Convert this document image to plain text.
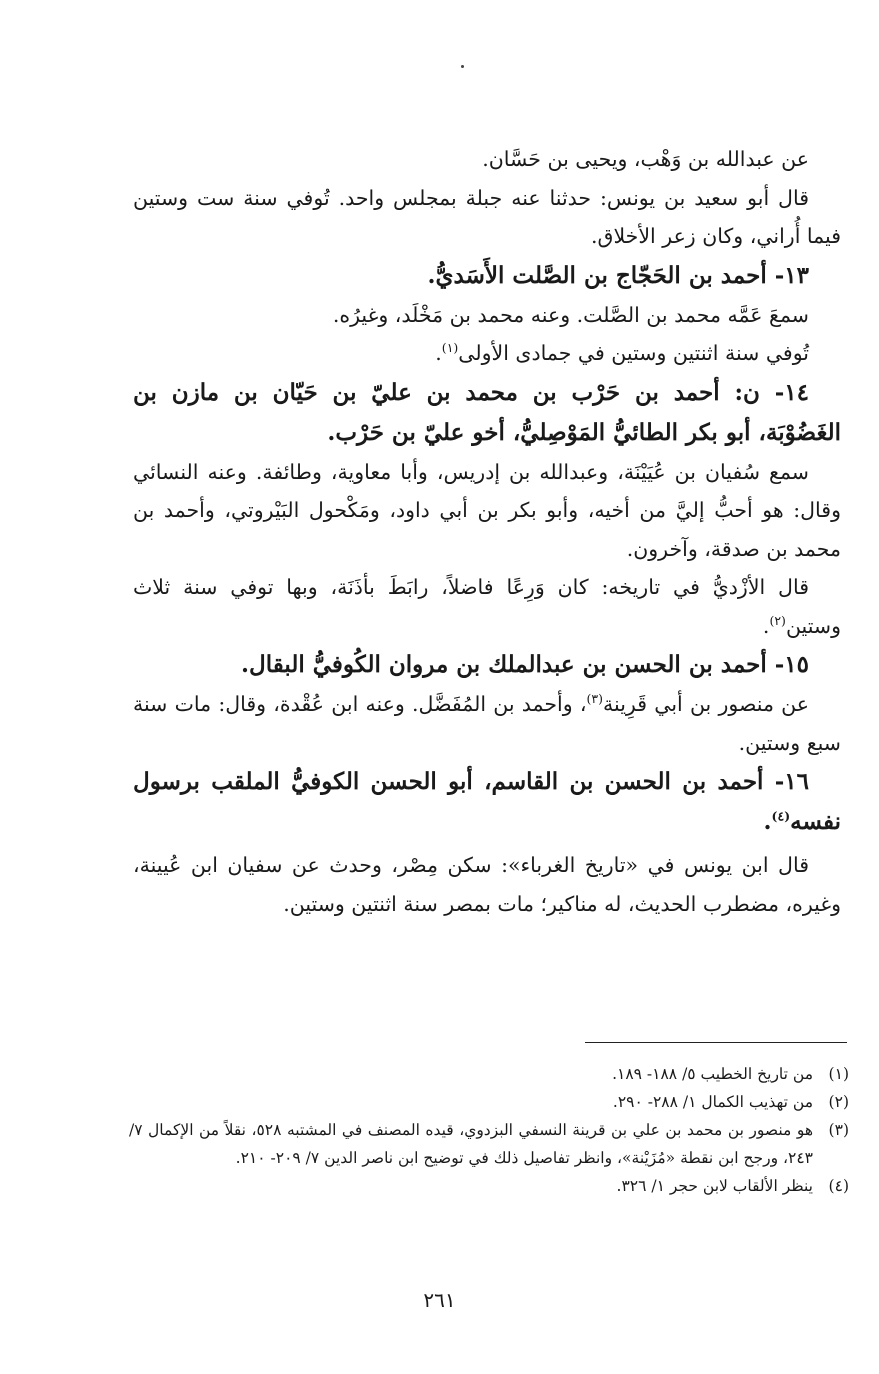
عن عبدالله بن وَهْب، ويحيى بن حَسَّان.

قال أبو سعيد بن يونس: حدثنا عنه جبلة بمجلس واحد. تُوفي سنة ست وستين فيما أُراني، وكان زعر الأخلاق.

١٣- أحمد بن الحَجّاج بن الصَّلت الأَسَديُّ.

سمعَ عَمَّه محمد بن الصَّلت. وعنه محمد بن مَخْلَد، وغيرُه.

تُوفي سنة اثنتين وستين في جمادى الأولى$^{(١)}$.

١٤- ن: أحمد بن حَرْب بن محمد بن عليّ بن حَيّان بن مازن بن الغَضُوْبَة، أبو بكر الطائيُّ المَوْصِليُّ، أخو عليّ بن حَرْب.

سمع سُفيان بن عُيَيْنَة، وعبدالله بن إدريس، وأبا معاوية، وطائفة. وعنه النسائي وقال: هو أحبُّ إليَّ من أخيه، وأبو بكر بن أبي داود، ومَكْحول البَيْروتي، وأحمد بن محمد بن صدقة، وآخرون.

قال الأزْديُّ في تاريخه: كان وَرِعًا فاضلاً، رابَطَ بأذَنَة، وبها توفي سنة ثلاث وستين$^{(٢)}$.

١٥- أحمد بن الحسن بن عبدالملك بن مروان الكُوفيُّ البقال.

عن منصور بن أبي قَرِينة$^{(٣)}$، وأحمد بن المُفَضَّل. وعنه ابن عُقْدة، وقال: مات سنة سبع وستين.

١٦- أحمد بن الحسن بن القاسم، أبو الحسن الكوفيُّ الملقب برسول نفسه$^{(٤)}$.

قال ابن يونس في «تاريخ الغرباء»: سكن مِصْر، وحدث عن سفيان ابن عُيينة، وغيره، مضطرب الحديث، له مناكير؛ مات بمصر سنة اثنتين وستين.

(١)
من تاريخ الخطيب ٥/ ١٨٨- ١٨٩.
(٢)
من تهذيب الكمال ١/ ٢٨٨- ٢٩٠.
(٣)
هو منصور بن محمد بن علي بن قرينة النسفي البزدوي، قيده المصنف في المشتبه ٥٢٨، نقلاً من الإكمال ٧/ ٢٤٣، ورجح ابن نقطة «مُزَيْنة»، وانظر تفاصيل ذلك في توضيح ابن ناصر الدين ٧/ ٢٠٩- ٢١٠.
(٤)
ينظر الألقاب لابن حجر ١/ ٣٢٦.
٢٦١
